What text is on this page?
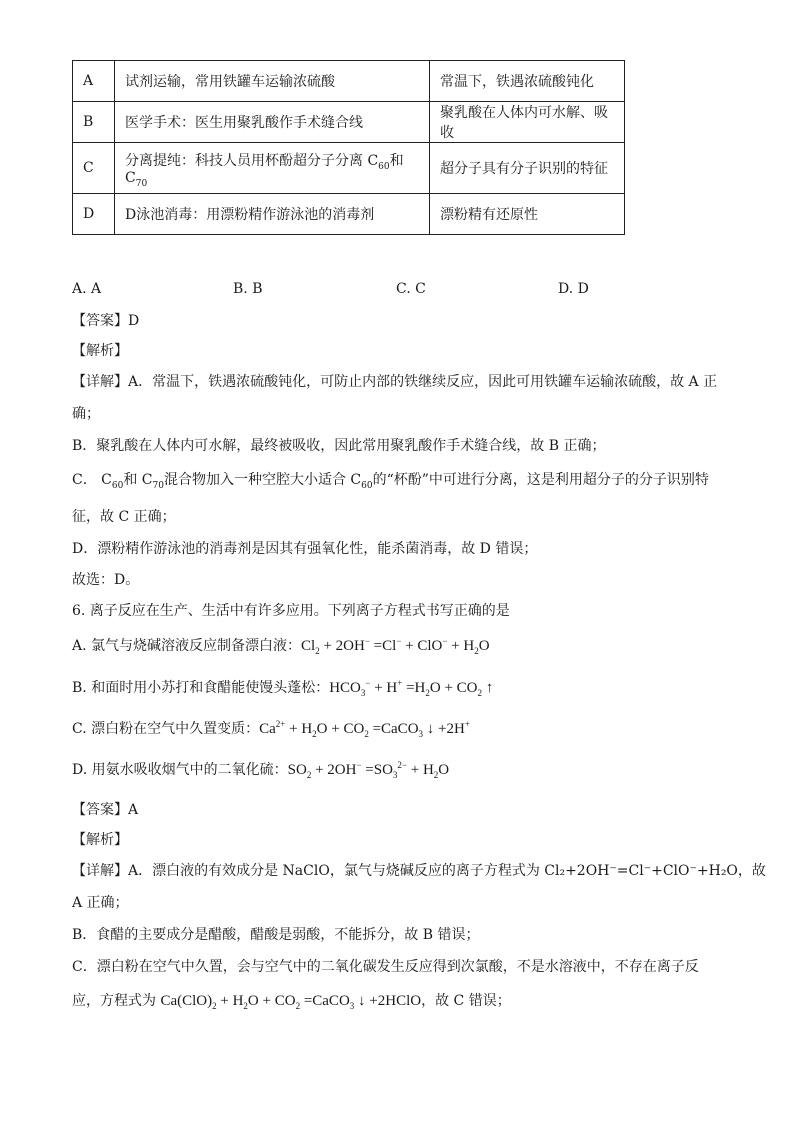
A	试剂运输，常用铁罐车运输浓硫酸	常温下，铁遇浓硫酸钝化
B	医学手术：医生用聚乳酸作手术缝合线	聚乳酸在人体内可水解、吸收
C	分离提纯：科技人员用杯酚超分子分离 $C_{60}$和 $C_{70}$	超分子具有分子识别的特征
D	D泳池消毒：用漂粉精作游泳池的消毒剂	漂粉精有还原性
A. A	B. B	C. C	D. D
【答案】D
【解析】
【详解】A．常温下，铁遇浓硫酸钝化，可防止内部的铁继续反应，因此可用铁罐车运输浓硫酸，故 A 正
确；
B．聚乳酸在人体内可水解，最终被吸收，因此常用聚乳酸作手术缝合线，故 B 正确；
C． $C_{60}$和 $C_{70}$混合物加入一种空腔大小适合 $C_{60}$的“杯酚”中可进行分离，这是利用超分子的分子识别特
征，故 C 正确；
D．漂粉精作游泳池的消毒剂是因其有强氧化性，能杀菌消毒，故 D 错误；
故选：D。
6. 离子反应在生产、生活中有许多应用。下列离子方程式书写正确的是
A. 氯气与烧碱溶液反应制备漂白液：$Cl_2 + 2OH^- =Cl^- + ClO^- + H_2O$
B. 和面时用小苏打和食醋能使馒头蓬松：$HCO_3^- + H^+ =H_2O + CO_2$ ↑
C. 漂白粉在空气中久置变质：$Ca^{2+} + H_2O + CO_2$ =CaCO$_3$ ↓ +2H+
D. 用氨水吸收烟气中的二氧化硫：$SO_2 + 2OH^- =SO_3^{2-} + H_2O$
【答案】A
【解析】
【详解】A．漂白液的有效成分是 NaClO，氯气与烧碱反应的离子方程式为 Cl₂+2OH⁻=Cl⁻+ClO⁻+H₂O，故
A 正确；
B．食醋的主要成分是醋酸，醋酸是弱酸，不能拆分，故 B 错误；
C．漂白粉在空气中久置，会与空气中的二氧化碳发生反应得到次氯酸，不是水溶液中，不存在离子反
应，方程式为 $Ca(ClO)_2 + H_2O + CO_2$ =CaCO$_3$ ↓ +2HClO，故 C 错误；
